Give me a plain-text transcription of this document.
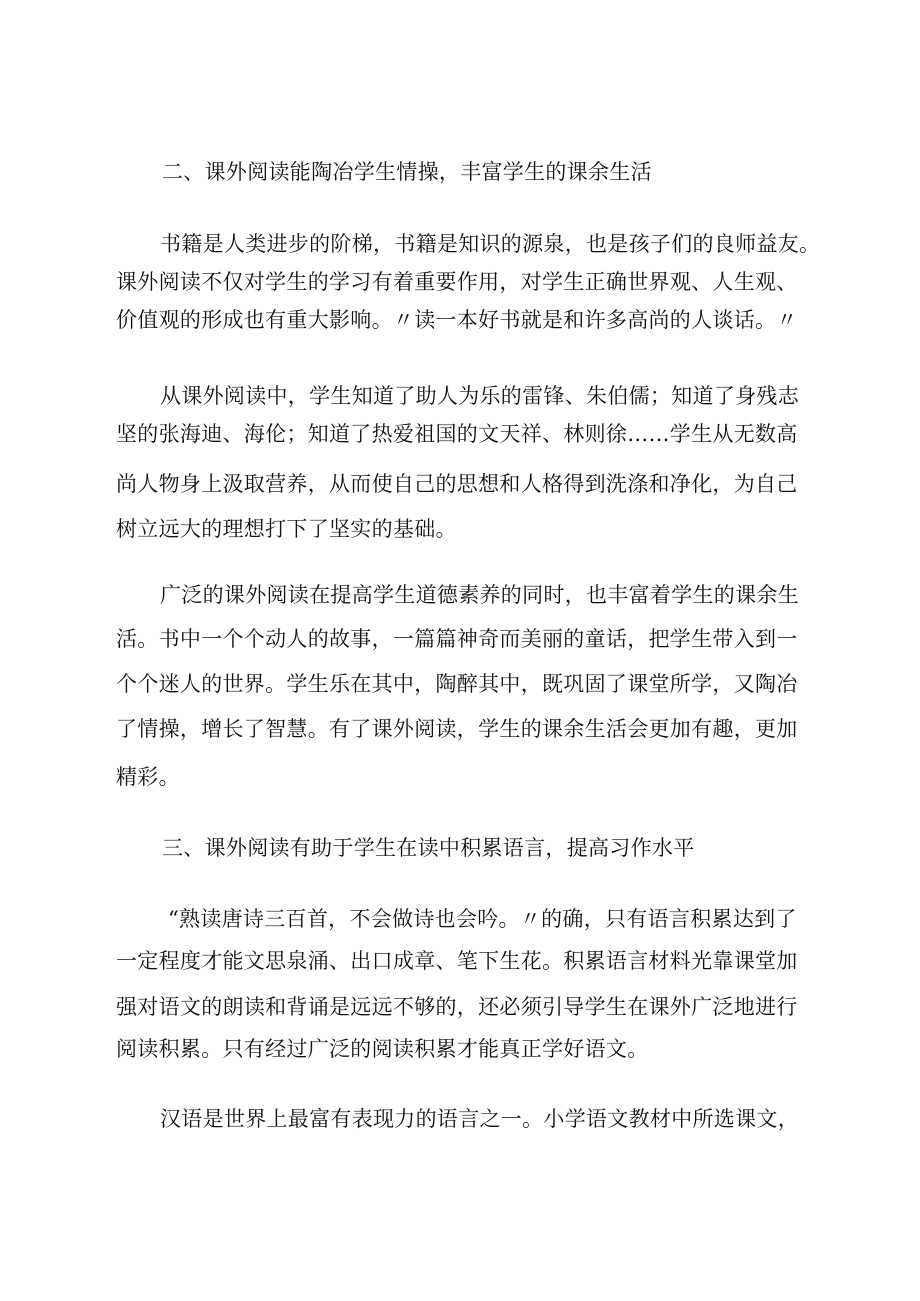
二、课外阅读能陶冶学生情操，丰富学生的课余生活
书籍是人类进步的阶梯，书籍是知识的源泉，也是孩子们的良师益友。
课外阅读不仅对学生的学习有着重要作用，对学生正确世界观、人生观、
价值观的形成也有重大影响。〃读一本好书就是和许多高尚的人谈话。〃
从课外阅读中，学生知道了助人为乐的雷锋、朱伯儒；知道了身残志
坚的张海迪、海伦；知道了热爱祖国的文天祥、林则徐……学生从无数高
尚人物身上汲取营养，从而使自己的思想和人格得到洗涤和净化，为自己
树立远大的理想打下了坚实的基础。
广泛的课外阅读在提高学生道德素养的同时，也丰富着学生的课余生
活。书中一个个动人的故事，一篇篇神奇而美丽的童话，把学生带入到一
个个迷人的世界。学生乐在其中，陶醉其中，既巩固了课堂所学，又陶冶
了情操，增长了智慧。有了课外阅读，学生的课余生活会更加有趣，更加
精彩。
三、课外阅读有助于学生在读中积累语言，提高习作水平
“熟读唐诗三百首，不会做诗也会吟。〃的确，只有语言积累达到了
一定程度才能文思泉涌、出口成章、笔下生花。积累语言材料光靠课堂加
强对语文的朗读和背诵是远远不够的，还必须引导学生在课外广泛地进行
阅读积累。只有经过广泛的阅读积累才能真正学好语文。
汉语是世界上最富有表现力的语言之一。小学语文教材中所选课文，
